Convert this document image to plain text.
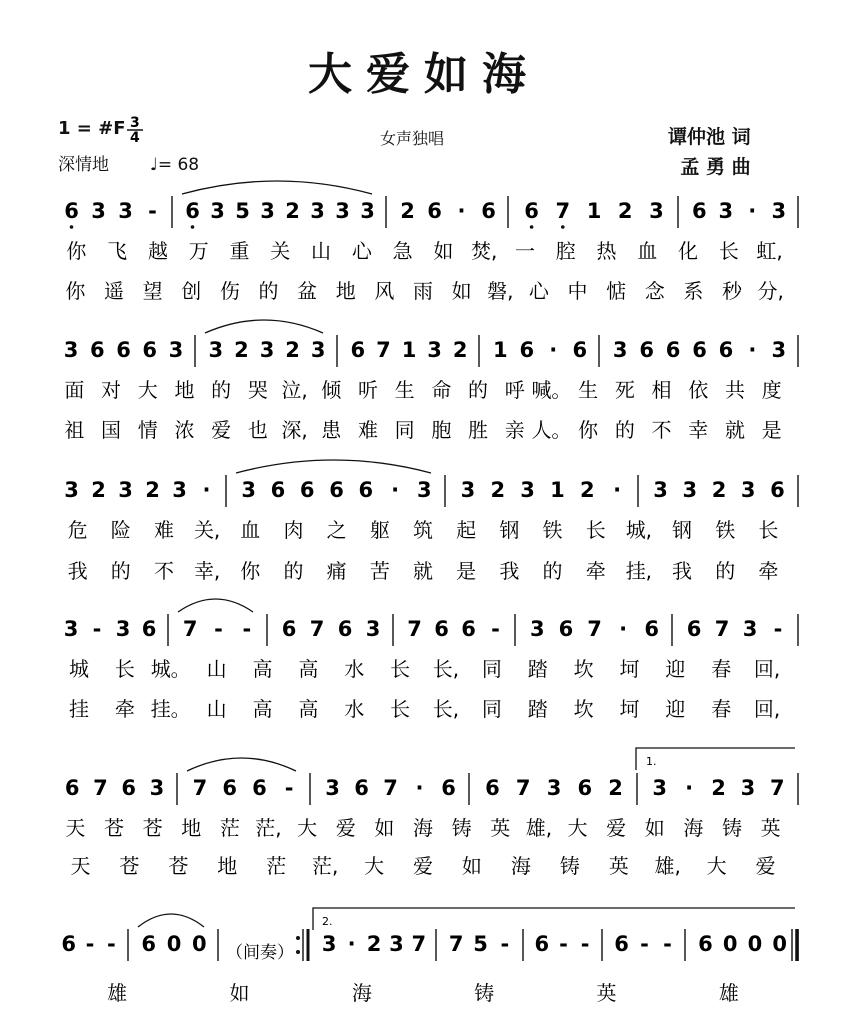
大爱如海
1 = #F
深情地 ♩= 68
女声独唱	谭仲池 词
孟 勇 曲
3
4
6 3 3 - 6 3 5 3 2 3 3 3 2 6 · 6 6 7 1 2 3 6 3 · 3
你 飞 越 万 重 关 山 心 急 如 焚, 一 腔 热 血 化 长 虹,
你 遥 望 创 伤 的 盆 地 风 雨 如 磐, 心 中 惦 念 系 秒 分,
3 6 6 6 3 3 2 3 2 3 6 7 1 3 2 1 6 · 6 3 6 6 6 6 · 3
面 对 大 地 的 哭 泣, 倾 听 生 命 的 呼 喊。 生 死 相 依 共 度
祖 国 情 浓 爱 也 深, 患 难 同 胞 胜 亲 人。 你 的 不 幸 就 是
3 2 3 2 3 · 3 6 6 6 6 · 3 3 2 3 1 2 · 3 3 2 3 6
危 险 难 关, 血 肉 之 躯 筑 起 钢 铁 长 城, 钢 铁 长
我 的 不 幸, 你 的 痛 苦 就 是 我 的 牵 挂, 我 的 牵
3 - 3 6 7 - - 6 7 6 3 7 6 6 - 3 6 7 · 6 6 7 3 -
城 长 城。 山 高 高 水 长 长, 同 踏 坎 坷 迎 春 回,
挂 牵 挂。 山 高 高 水 长 长, 同 踏 坎 坷 迎 春 回,
6 7 6 3 7 6 6 - 3 6 7 · 6 6 7 3 6 2 3 · 2 3 7
天 苍 苍 地 茫 茫, 大 爱 如 海 铸 英 雄, 大 爱 如 海 铸 英
天 苍 苍 地 茫 茫, 大 爱 如 海 铸 英 雄, 大 爱
6 - - 6 0 0	3 · 2 3 7 7 5 - 6 - - 6 - - 6 0 0 0
雄	如	海	铸	英	雄
1.
2.
（间奏）
